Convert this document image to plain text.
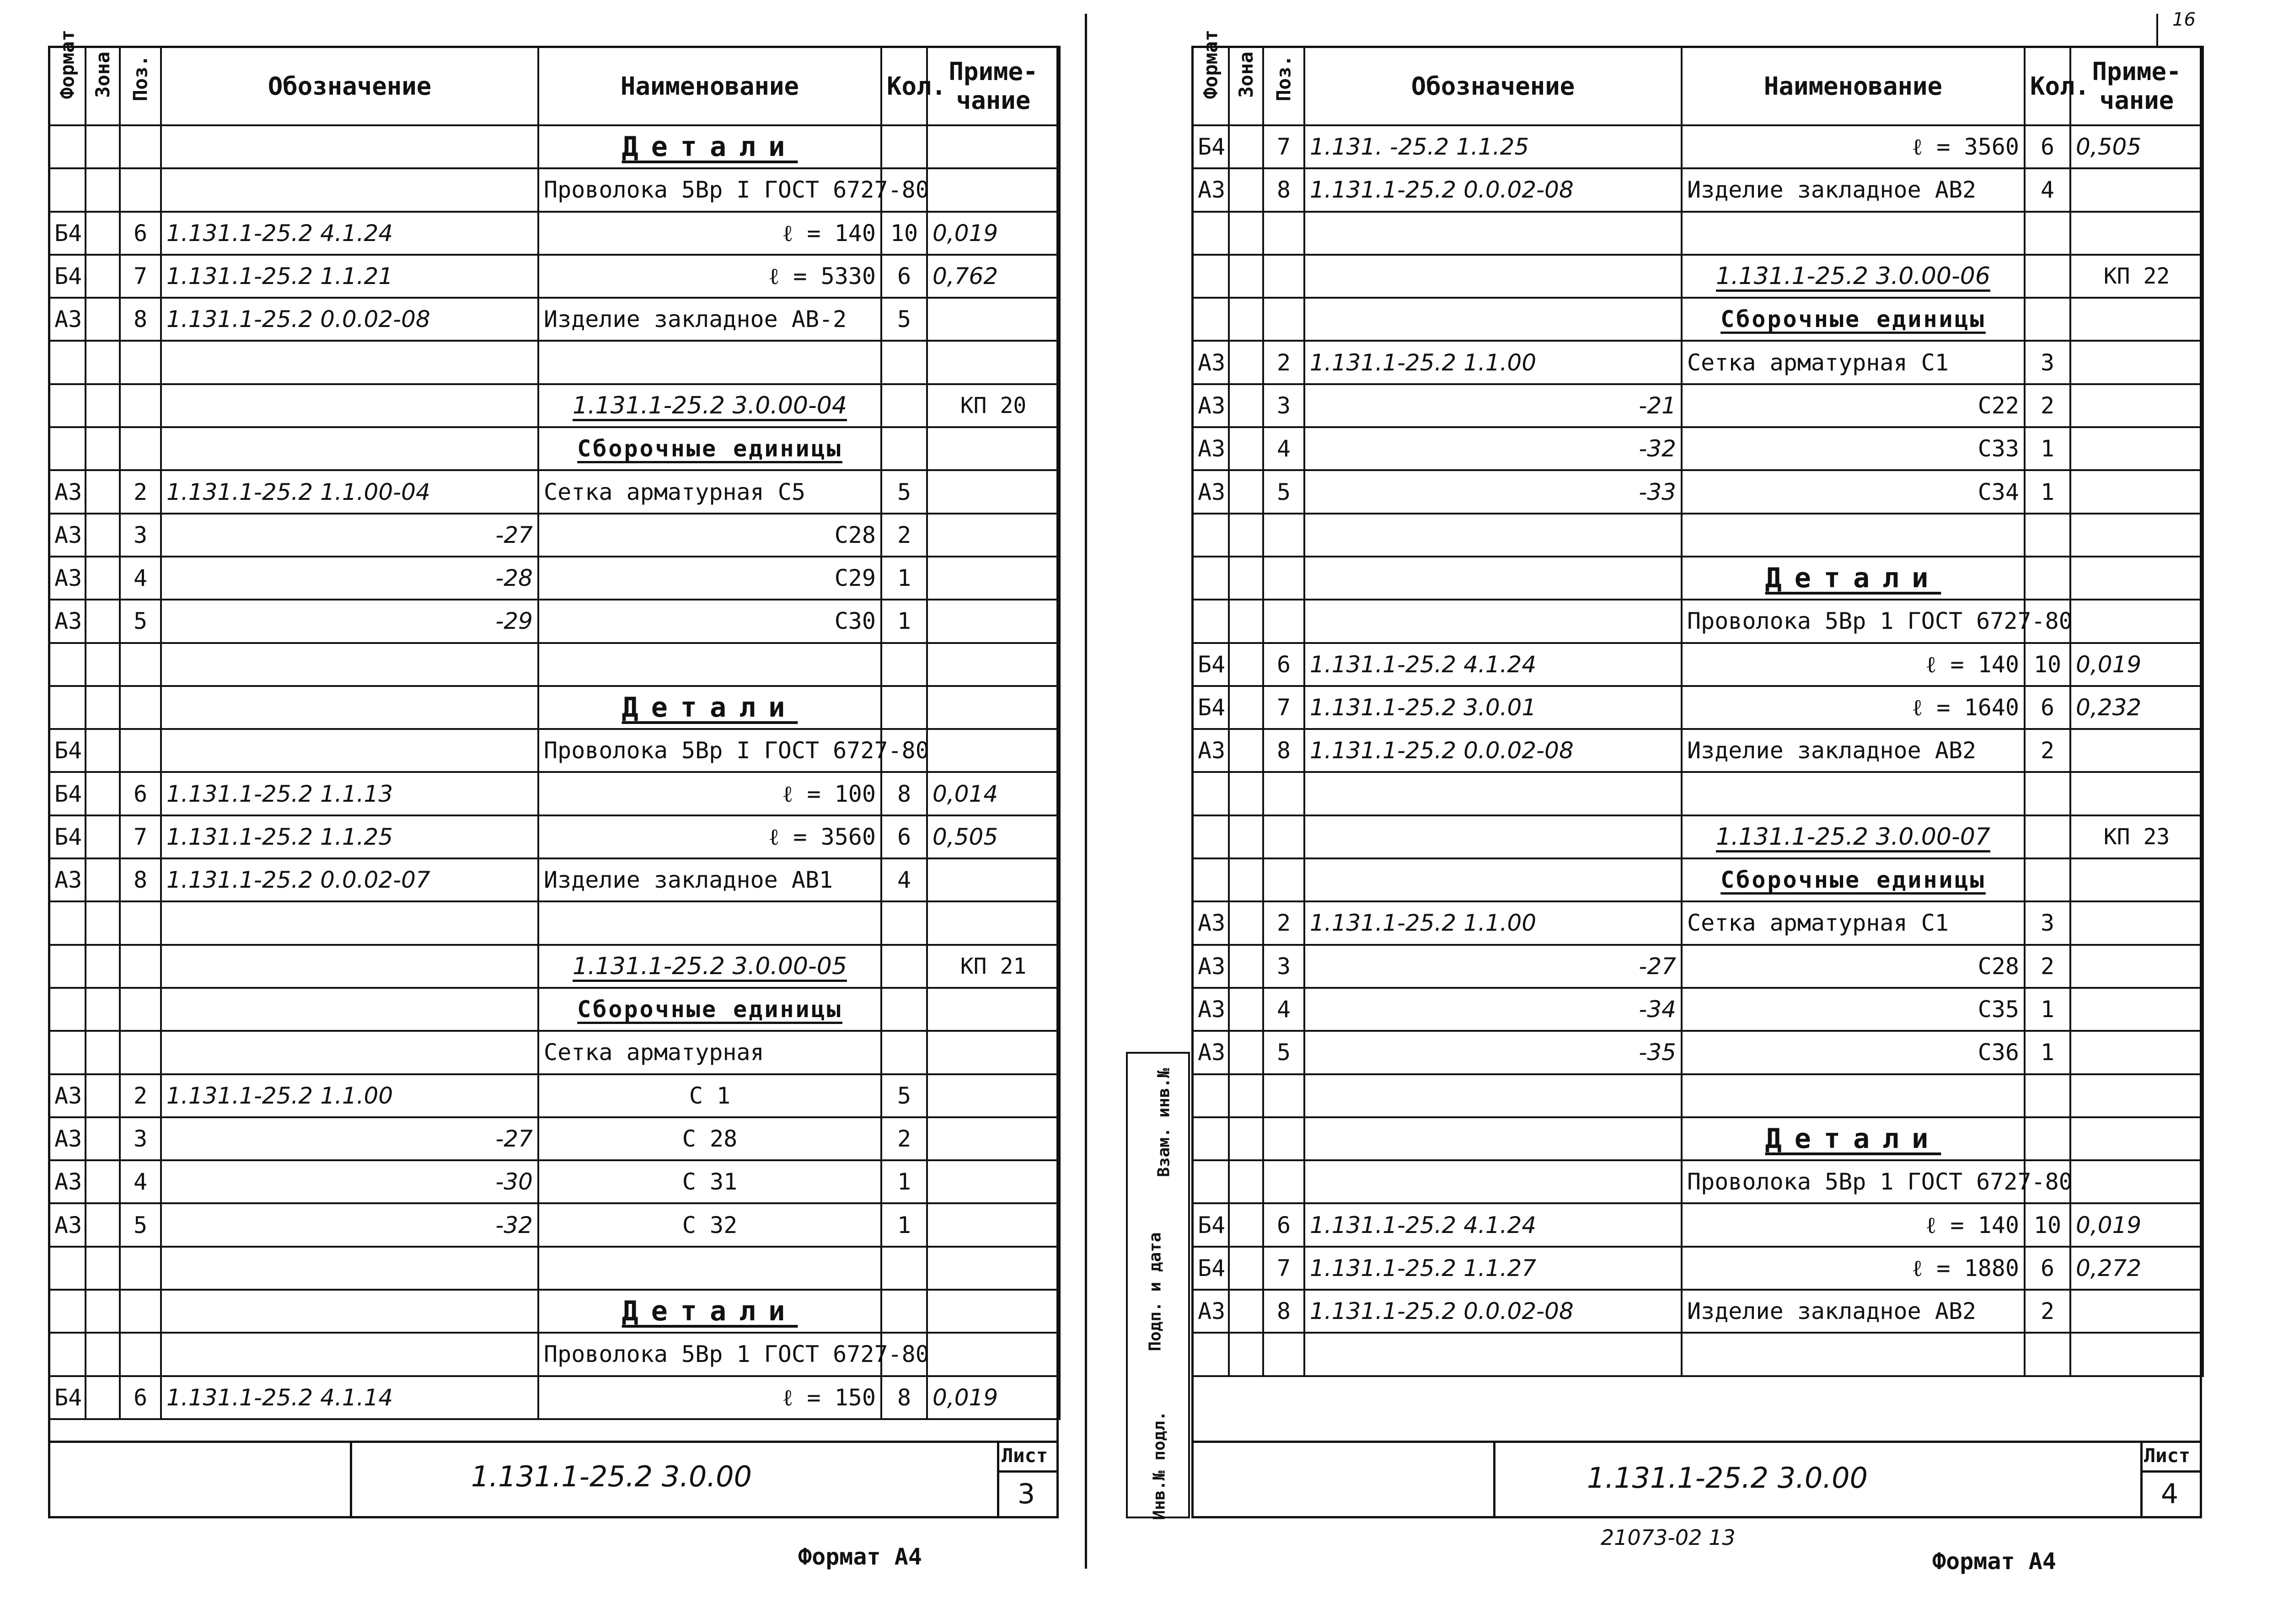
Формат	Зона	Поз.	Обозначение	Наименование	Кол.	Приме-
чание
				Детали		
				Проволока 5Вр I ГОСТ 6727-80		
Б4		6	1.131.1-25.2 4.1.24	ℓ = 140	10	0,019
Б4		7	1.131.1-25.2 1.1.21	ℓ = 5330	6	0,762
А3		8	1.131.1-25.2 0.0.02-08	Изделие закладное АВ-2	5	

				1.131.1-25.2 3.0.00-04		КП 20
				Сборочные единицы		
А3		2	1.131.1-25.2 1.1.00-04	Сетка арматурная С5	5	
А3		3	-27	С28	2	
А3		4	-28	С29	1	
А3		5	-29	С30	1	

				Детали		
Б4				Проволока 5Вр I ГОСТ 6727-80		
Б4		6	1.131.1-25.2 1.1.13	ℓ = 100	8	0,014
Б4		7	1.131.1-25.2 1.1.25	ℓ = 3560	6	0,505
А3		8	1.131.1-25.2 0.0.02-07	Изделие закладное АВ1	4	

				1.131.1-25.2 3.0.00-05		КП 21
				Сборочные единицы		
				Сетка арматурная		
А3		2	1.131.1-25.2 1.1.00	С 1	5	
А3		3	-27	С 28	2	
А3		4	-30	С 31	1	
А3		5	-32	С 32	1	

				Детали		
				Проволока 5Вр 1 ГОСТ 6727-80		
Б4		6	1.131.1-25.2 4.1.14	ℓ = 150	8	0,019
1.131.1-25.2 3.0.00
Лист
3
Формат А4
Формат	Зона	Поз.	Обозначение	Наименование	Кол.	Приме-
чание
Б4		7	1.131. -25.2 1.1.25	ℓ = 3560	6	0,505
А3		8	1.131.1-25.2 0.0.02-08	Изделие закладное АВ2	4	

				1.131.1-25.2 3.0.00-06		КП 22
				Сборочные единицы		
А3		2	1.131.1-25.2 1.1.00	Сетка арматурная С1	3	
А3		3	-21	С22	2	
А3		4	-32	С33	1	
А3		5	-33	С34	1	

				Детали		
				Проволока 5Вр 1 ГОСТ 6727-80		
Б4		6	1.131.1-25.2 4.1.24	ℓ = 140	10	0,019
Б4		7	1.131.1-25.2 3.0.01	ℓ = 1640	6	0,232
А3		8	1.131.1-25.2 0.0.02-08	Изделие закладное АВ2	2	

				1.131.1-25.2 3.0.00-07		КП 23
				Сборочные единицы		
А3		2	1.131.1-25.2 1.1.00	Сетка арматурная С1	3	
А3		3	-27	С28	2	
А3		4	-34	С35	1	
А3		5	-35	С36	1	

				Детали		
				Проволока 5Вр 1 ГОСТ 6727-80		
Б4		6	1.131.1-25.2 4.1.24	ℓ = 140	10	0,019
Б4		7	1.131.1-25.2 1.1.27	ℓ = 1880	6	0,272
А3		8	1.131.1-25.2 0.0.02-08	Изделие закладное АВ2	2	

1.131.1-25.2 3.0.00
Лист
4
Формат А4
21073-02 13
16
Взам. инв.№
Подп. и дата
Инв.№ подл.
